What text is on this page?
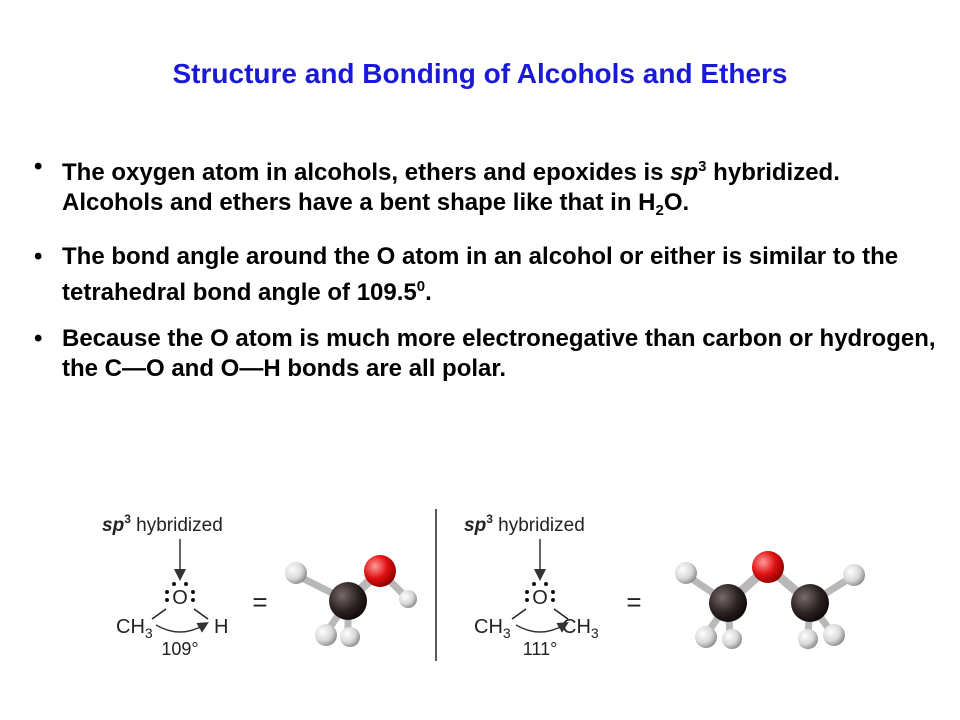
Structure and Bonding of Alcohols and Ethers
• The oxygen atom in alcohols, ethers and epoxides is $sp^3$ hybridized. Alcohols and ethers have a bent shape like that in $H_2O$.
• The bond angle around the O atom in an alcohol or either is similar to the tetrahedral bond angle of 109.5$^0$.
• Because the O atom is much more electronegative than carbon or hydrogen, the C—O and O—H bonds are all polar.
$sp^3$ hybridized
O
$CH_3$	H
109°
=
$sp^3$ hybridized
O
$CH_3$	$CH_3$
111°
=
